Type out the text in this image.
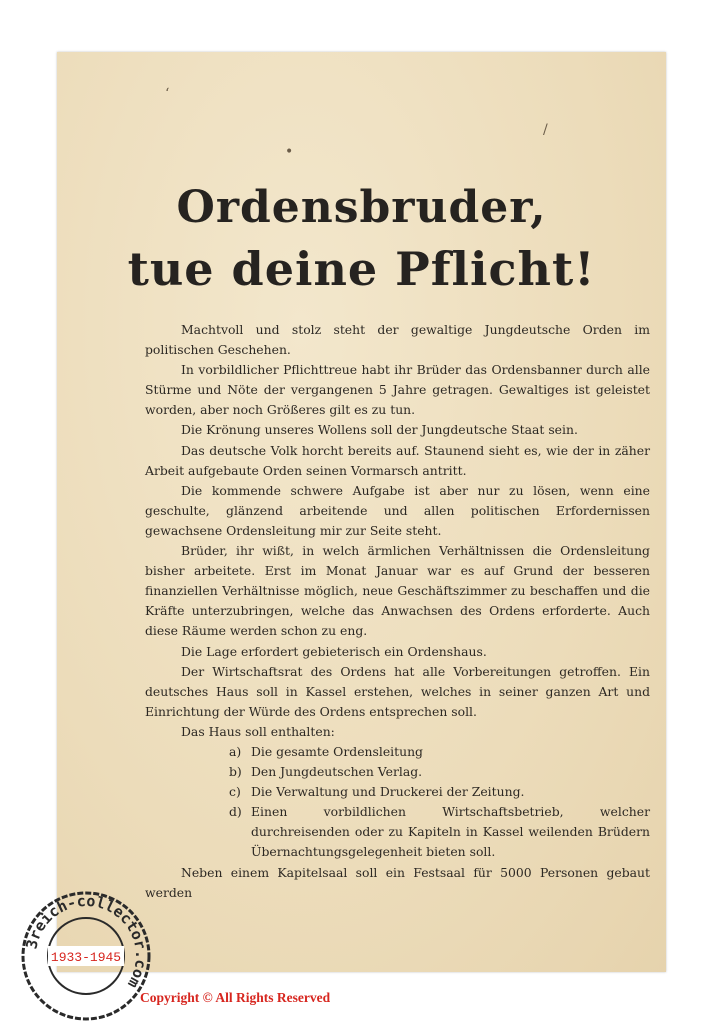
‘
•
/
Ordensbruder,
tue deine Pflicht!

Machtvoll und stolz steht der gewaltige Jungdeutsche Orden im politischen Geschehen.

In vorbildlicher Pflichttreue habt ihr Brüder das Ordensbanner durch alle Stürme und Nöte der vergangenen 5 Jahre getragen. Gewaltiges ist geleistet worden, aber noch Größeres gilt es zu tun.

Die Krönung unseres Wollens soll der Jungdeutsche Staat sein.

Das deutsche Volk horcht bereits auf. Staunend sieht es, wie der in zäher Arbeit aufgebaute Orden seinen Vormarsch antritt.

Die kommende schwere Aufgabe ist aber nur zu lösen, wenn eine geschulte, glänzend arbeitende und allen politischen Erfordernissen gewachsene Ordensleitung mir zur Seite steht.

Brüder, ihr wißt, in welch ärmlichen Verhältnissen die Ordensleitung bisher arbeitete. Erst im Monat Januar war es auf Grund der besseren finanziellen Verhältnisse möglich, neue Geschäftszimmer zu beschaffen und die Kräfte unterzubringen, welche das Anwachsen des Ordens erforderte. Auch diese Räume werden schon zu eng.

Die Lage erfordert gebieterisch ein Ordenshaus.

Der Wirtschaftsrat des Ordens hat alle Vorbereitungen getroffen. Ein deutsches Haus soll in Kassel erstehen, welches in seiner ganzen Art und Einrichtung der Würde des Ordens entsprechen soll.

Das Haus soll enthalten:

a) Die gesamte Ordensleitung
b) Den Jungdeutschen Verlag.
c) Die Verwaltung und Druckerei der Zeitung.
d) Einen vorbildlichen Wirtschaftsbetrieb, welcher durchreisenden oder zu Kapiteln in Kassel weilenden Brüdern Übernachtungsgelegenheit bieten soll.

Neben einem Kapitelsaal soll ein Festsaal für 5000 Personen gebaut werden

3reich-collector.com
1933-1945
Copyright © All Rights Reserved
